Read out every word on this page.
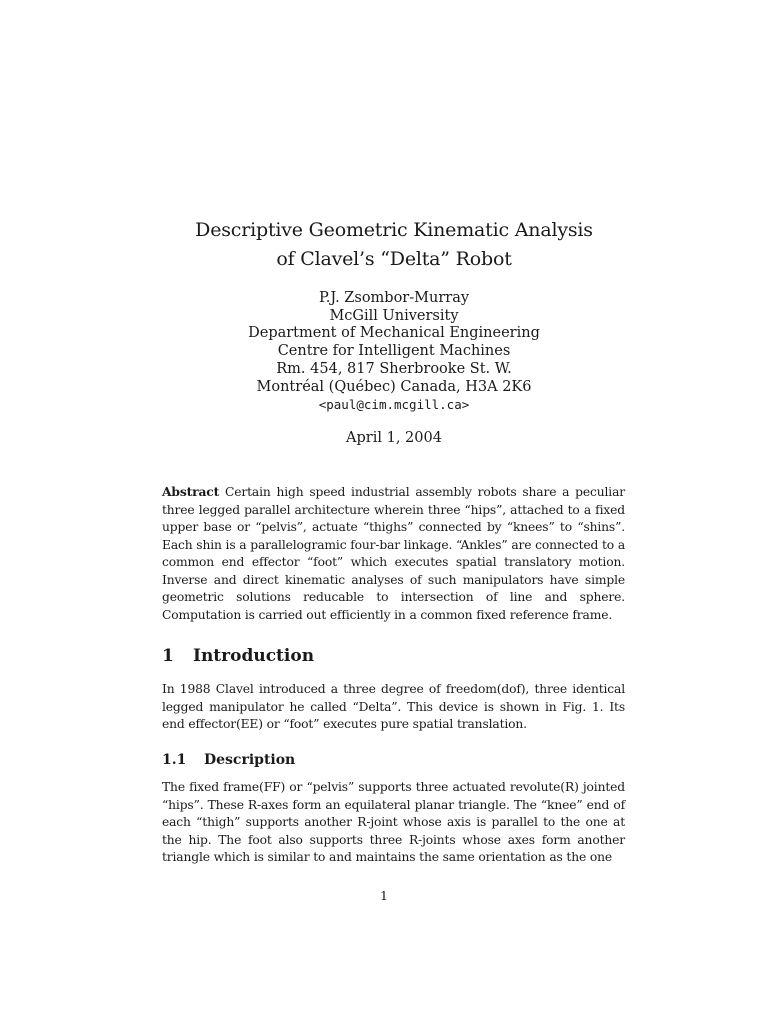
Descriptive Geometric Kinematic Analysis
of Clavel’s “Delta” Robot
P.J. Zsombor-Murray
McGill University
Department of Mechanical Engineering
Centre for Intelligent Machines
Rm. 454, 817 Sherbrooke St. W.
Montréal (Québec) Canada, H3A 2K6
<paul@cim.mcgill.ca>
April 1, 2004
Abstract Certain high speed industrial assembly robots share a peculiar three legged parallel architecture wherein three “hips”, attached to a fixed upper base or “pelvis”, actuate “thighs” connected by “knees” to “shins”. Each shin is a parallelogramic four-bar linkage. “Ankles” are connected to a common end effector “foot” which executes spatial translatory motion. Inverse and direct kinematic analyses of such manipulators have simple geometric solutions reducable to intersection of line and sphere. Computation is carried out efficiently in a common fixed reference frame.
1 Introduction
In 1988 Clavel introduced a three degree of freedom(dof), three identical legged manipulator he called “Delta”. This device is shown in Fig. 1. Its end effector(EE) or “foot” executes pure spatial translation.
1.1 Description
The fixed frame(FF) or “pelvis” supports three actuated revolute(R) jointed “hips”. These R-axes form an equilateral planar triangle. The “knee” end of each “thigh” supports another R-joint whose axis is parallel to the one at the hip. The foot also supports three R-joints whose axes form another triangle which is similar to and maintains the same orientation as the one
1
